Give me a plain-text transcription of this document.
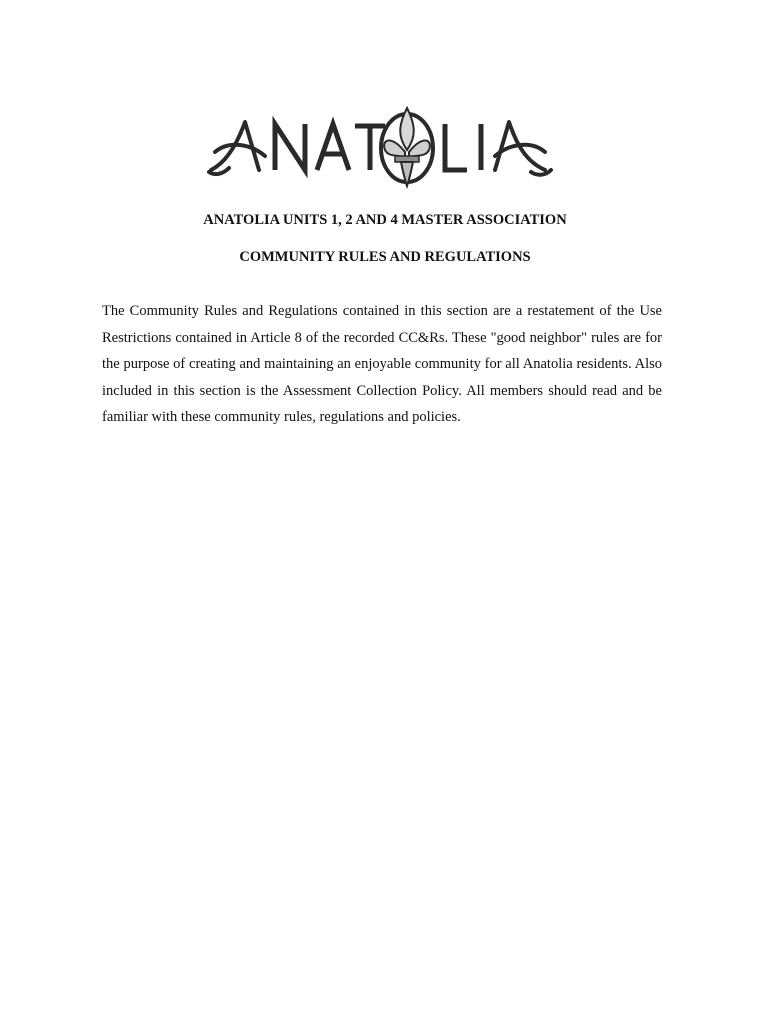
ANATOLIA UNITS 1, 2 AND 4 MASTER ASSOCIATION
COMMUNITY RULES AND REGULATIONS

The Community Rules and Regulations contained in this section are a restatement of the Use Restrictions contained in Article 8 of the recorded CC&Rs. These "good neighbor" rules are for the purpose of creating and maintaining an enjoyable community for all Anatolia residents. Also included in this section is the Assessment Collection Policy. All members should read and be familiar with these community rules, regulations and policies.
